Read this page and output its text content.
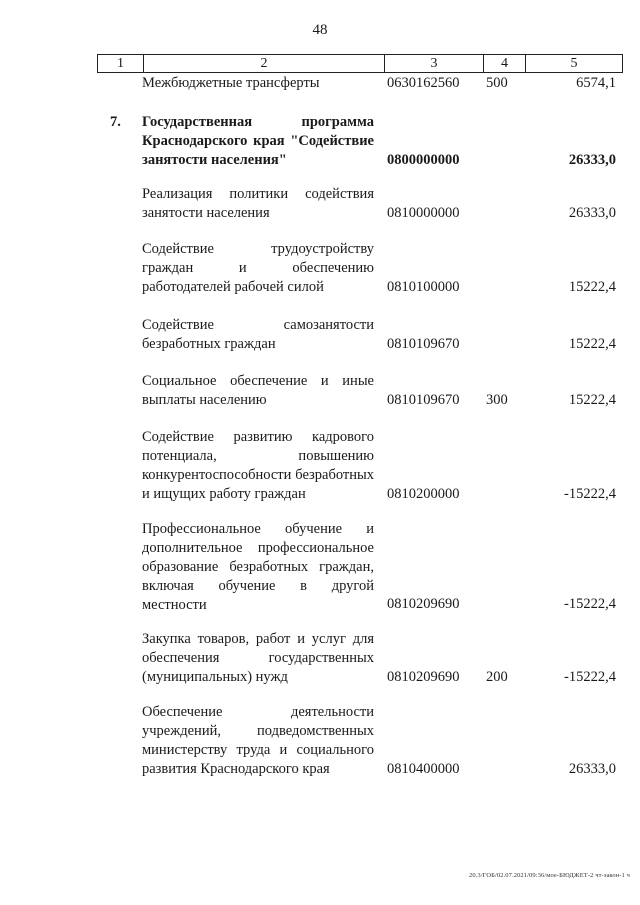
48
1	2	3	4	5
Межбюджетные трансферты	0630162560 500	6574,1
7. Государственная программа Краснодарского края "Содействие занятости населения"	0800000000	26333,0
Реализация политики содействия занятости населения	0810000000	26333,0
Содействие трудоустройству граждан и обеспечению работодателей рабочей силой	0810100000	15222,4
Содействие самозанятости безработных граждан	0810109670	15222,4
Социальное обеспечение и иные выплаты населению	0810109670 300	15222,4
Содействие развитию кадрового потенциала, повышению конкурентоспособности безработных и ищущих работу граждан	0810200000	-15222,4
Профессиональное обучение и дополнительное профессиональное образование безработных граждан, включая обучение в другой местности	0810209690	-15222,4
Закупка товаров, работ и услуг для обеспечения государственных (муниципальных) нужд	0810209690 200	-15222,4
Обеспечение деятельности учреждений, подведомственных министерству труда и социального развития Краснодарского края	0810400000	26333,0
20.3/ГОБ/02.07.2021/09:36/мое-БЮДЖЕТ-2 чт-закон-1 ч
